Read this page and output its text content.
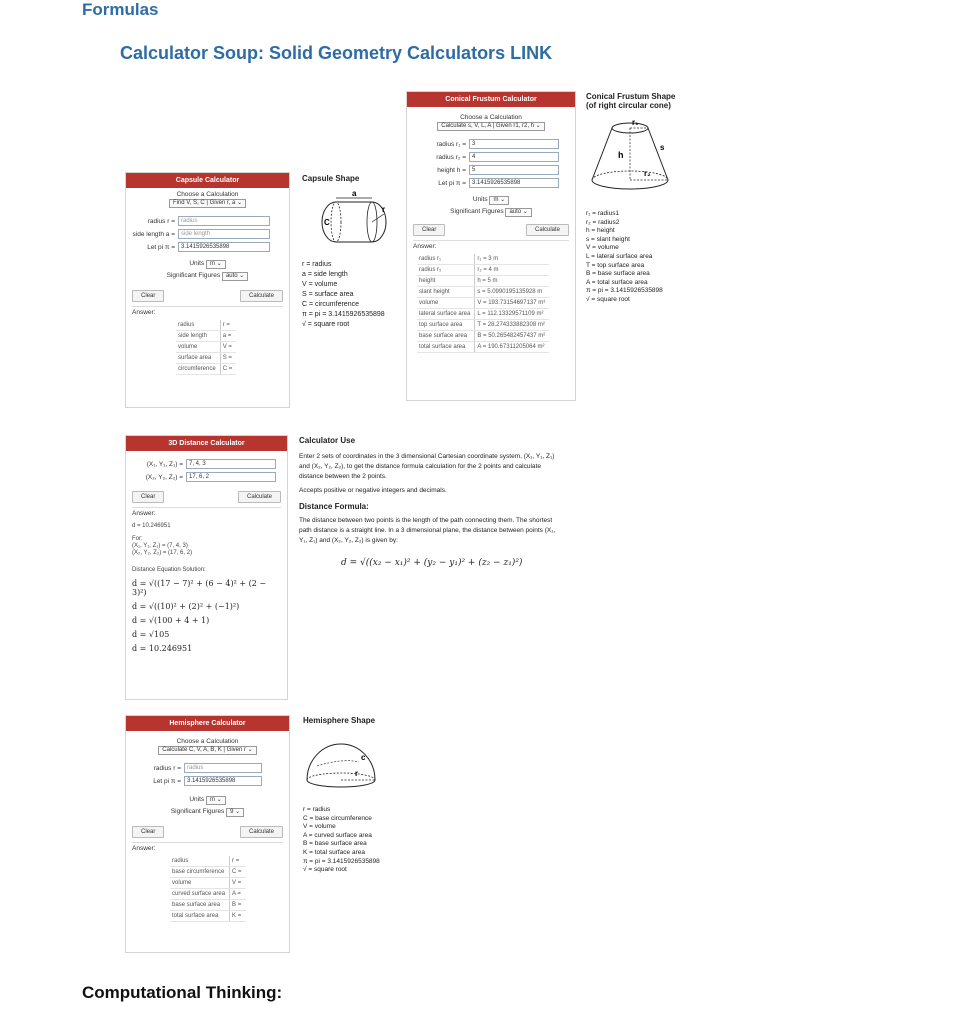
Formulas
Calculator Soup: Solid Geometry Calculators LINK
Capsule Calculator
Choose a Calculation
Find V, S, C | Given r, a ⌄
radius r =	radius
side length a =	side length
Let pi π =	3.1415926535898
Units m ⌄
Significant Figures auto ⌄
Clear	Calculate
Answer:
radius	r =
side length	a =
volume	V =
surface area	S =
circumference	C =
Capsule Shape
a
C
r
r = radius
a = side length
V = volume
S = surface area
C = circumference
π = pi = 3.1415926535898
√ = square root
Conical Frustum Calculator
Choose a Calculation
Calculate s, V, L, A | Given r1, r2, h ⌄
radius r₁ =	3
radius r₂ =	4
height h =	5
Let pi π =	3.1415926535898
Units m ⌄
Significant Figures auto ⌄
Clear	Calculate
Answer:
radius r₁	r₁ = 3 m
radius r₂	r₂ = 4 m
height	h = 5 m
slant height	s = 5.0990195135928 m
volume	V = 193.73154697137 m³
lateral surface area	L = 112.13329571109 m²
top surface area	T = 28.274333882308 m²
base surface area	B = 50.265482457437 m²
total surface area	A = 190.67311205064 m²
Conical Frustum Shape
(of right circular cone)
r₁
h
s
r₂
r₁ = radius1
r₂ = radius2
h = height
s = slant height
V = volume
L = lateral surface area
T = top surface area
B = base surface area
A = total surface area
π = pi = 3.1415926535898
√ = square root
3D Distance Calculator
(X₁, Y₁, Z₁) =	7, 4, 3
(X₂, Y₂, Z₂) =	17, 6, 2
Clear	Calculate
Answer:
d = 10.246951
For:
(X₁, Y₁, Z₁) = (7, 4, 3)
(X₂, Y₂, Z₂) = (17, 6, 2)
Distance Equation Solution:
d = √((17 − 7)² + (6 − 4)² + (2 − 3)²)
d = √((10)² + (2)² + (−1)²)
d = √(100 + 4 + 1)
d = √105
d = 10.246951
Calculator Use
Enter 2 sets of coordinates in the 3 dimensional Cartesian coordinate system, (X₁, Y₁, Z₁) and (X₂, Y₂, Z₂), to get the distance formula calculation for the 2 points and calculate distance between the 2 points.
Accepts positive or negative integers and decimals.
Distance Formula:
The distance between two points is the length of the path connecting them. The shortest path distance is a straight line. In a 3 dimensional plane, the distance between points (X₁, Y₁, Z₁) and (X₂, Y₂, Z₂) is given by:
d = √((x₂ − x₁)² + (y₂ − y₁)² + (z₂ − z₁)²)
Hemisphere Calculator
Choose a Calculation
Calculate C, V, A, B, K | Given r ⌄
radius r =	radius
Let pi π =	3.1415926535898
Units m ⌄
Significant Figures 9 ⌄
Clear	Calculate
Answer:
radius	r =
base circumference	C =
volume	V =
curved surface area	A =
base surface area	B =
total surface area	K =
Hemisphere Shape
r
c
r = radius
C = base circumference
V = volume
A = curved surface area
B = base surface area
K = total surface area
π = pi = 3.1415926535898
√ = square root
Computational Thinking:
